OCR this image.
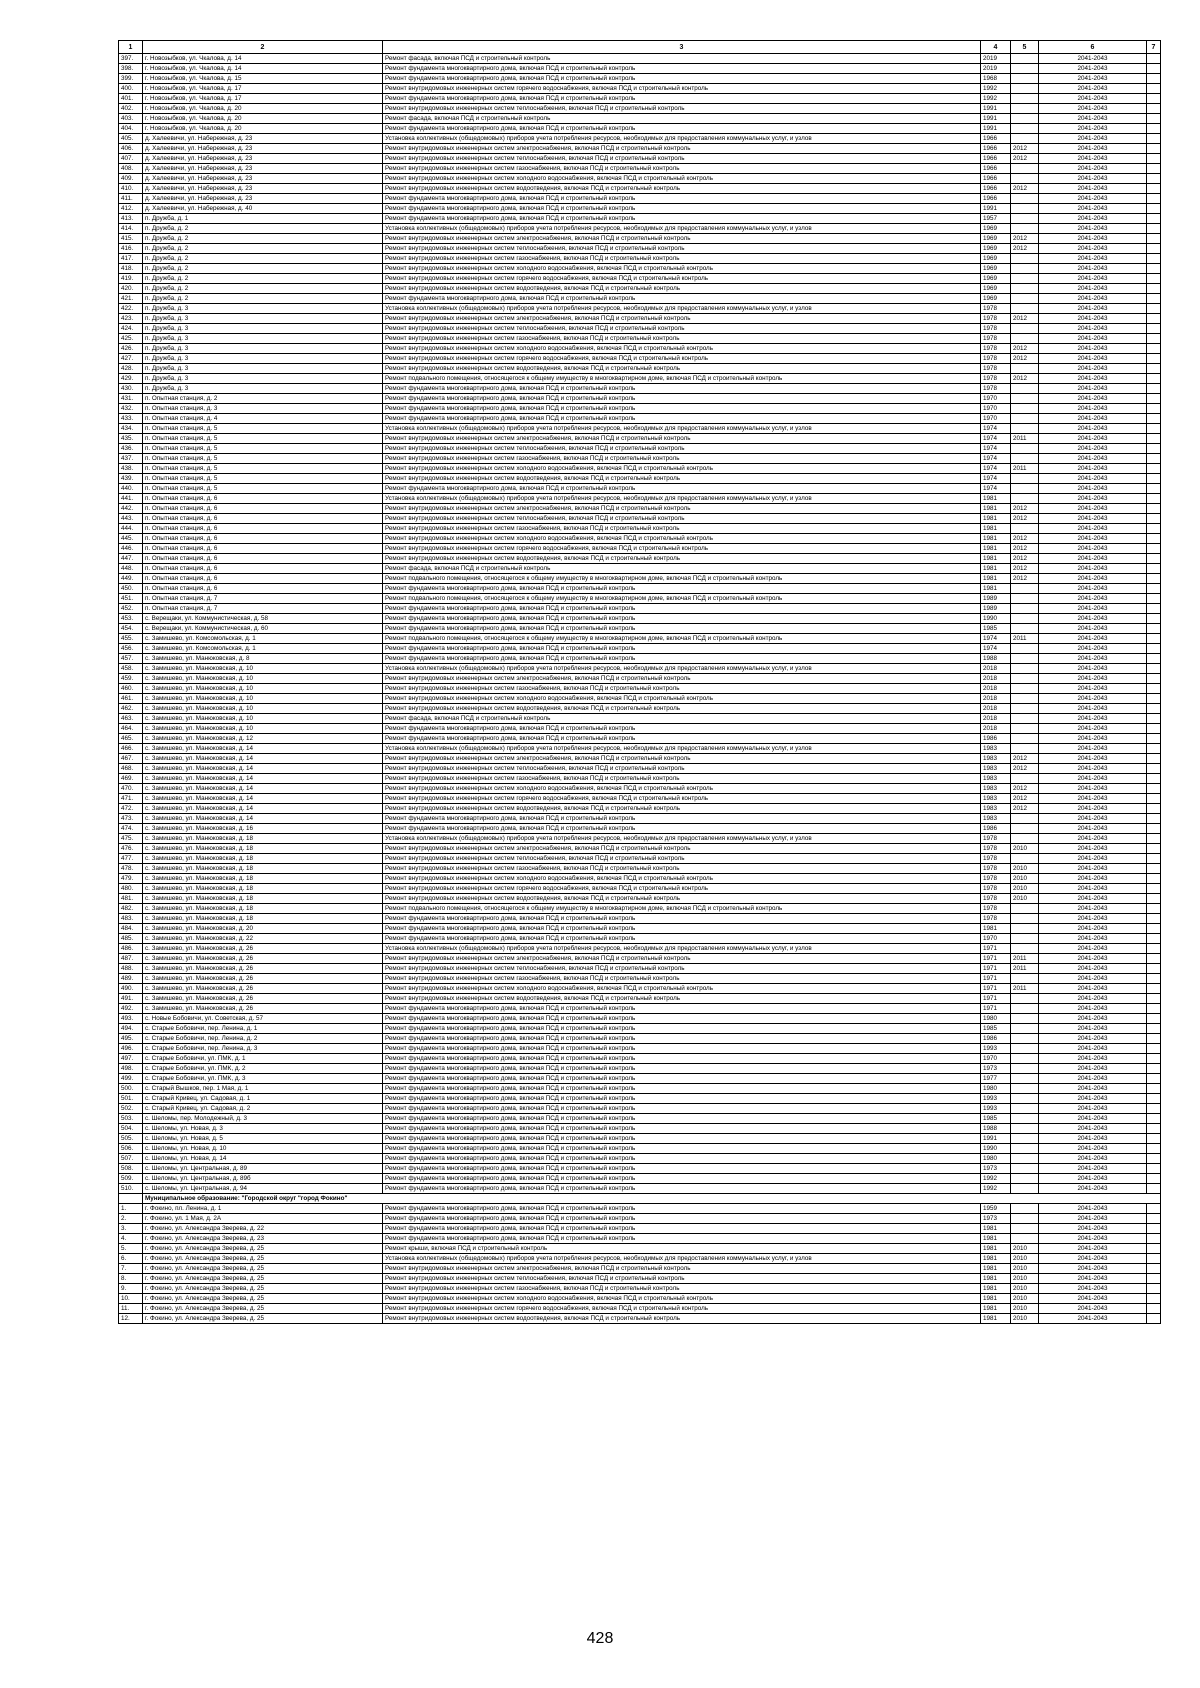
1	2	3	4	5	6	7
397.	г. Новозыбков, ул. Чкалова, д. 14	Ремонт фасада, включая ПСД и строительный контроль	2019		2041-2043	
398.	г. Новозыбков, ул. Чкалова, д. 14	Ремонт фундамента многоквартирного дома, включая ПСД и строительный контроль	2019		2041-2043	
399.	г. Новозыбков, ул. Чкалова, д. 15	Ремонт фундамента многоквартирного дома, включая ПСД и строительный контроль	1968		2041-2043	
400.	г. Новозыбков, ул. Чкалова, д. 17	Ремонт внутридомовых инженерных систем горячего водоснабжения, включая ПСД и строительный контроль	1992		2041-2043	
401.	г. Новозыбков, ул. Чкалова, д. 17	Ремонт фундамента многоквартирного дома, включая ПСД и строительный контроль	1992		2041-2043	
402.	г. Новозыбков, ул. Чкалова, д. 20	Ремонт внутридомовых инженерных систем теплоснабжения, включая ПСД и строительный контроль	1991		2041-2043	
403.	г. Новозыбков, ул. Чкалова, д. 20	Ремонт фасада, включая ПСД и строительный контроль	1991		2041-2043	
404.	г. Новозыбков, ул. Чкалова, д. 20	Ремонт фундамента многоквартирного дома, включая ПСД и строительный контроль	1991		2041-2043	
405.	д. Халеевичи, ул. Набережная, д. 23	Установка коллективных (общедомовых) приборов учета потребления ресурсов, необходимых для предоставления коммунальных услуг, и узлов	1966		2041-2043	
406.	д. Халеевичи, ул. Набережная, д. 23	Ремонт внутридомовых инженерных систем электроснабжения, включая ПСД и строительный контроль	1966	2012	2041-2043	
407.	д. Халеевичи, ул. Набережная, д. 23	Ремонт внутридомовых инженерных систем теплоснабжения, включая ПСД и строительный контроль	1966	2012	2041-2043	
408.	д. Халеевичи, ул. Набережная, д. 23	Ремонт внутридомовых инженерных систем газоснабжения, включая ПСД и строительный контроль	1966		2041-2043	
409.	д. Халеевичи, ул. Набережная, д. 23	Ремонт внутридомовых инженерных систем холодного водоснабжения, включая ПСД и строительный контроль	1966		2041-2043	
410.	д. Халеевичи, ул. Набережная, д. 23	Ремонт внутридомовых инженерных систем водоотведения, включая ПСД и строительный контроль	1966	2012	2041-2043	
411.	д. Халеевичи, ул. Набережная, д. 23	Ремонт фундамента многоквартирного дома, включая ПСД и строительный контроль	1966		2041-2043	
412.	д. Халеевичи, ул. Набережная, д. 40	Ремонт фундамента многоквартирного дома, включая ПСД и строительный контроль	1991		2041-2043	
413.	п. Дружба, д. 1	Ремонт фундамента многоквартирного дома, включая ПСД и строительный контроль	1957		2041-2043	
414.	п. Дружба, д. 2	Установка коллективных (общедомовых) приборов учета потребления ресурсов, необходимых для предоставления коммунальных услуг, и узлов	1969		2041-2043	
415.	п. Дружба, д. 2	Ремонт внутридомовых инженерных систем электроснабжения, включая ПСД и строительный контроль	1969	2012	2041-2043	
416.	п. Дружба, д. 2	Ремонт внутридомовых инженерных систем теплоснабжения, включая ПСД и строительный контроль	1969	2012	2041-2043	
417.	п. Дружба, д. 2	Ремонт внутридомовых инженерных систем газоснабжения, включая ПСД и строительный контроль	1969		2041-2043	
418.	п. Дружба, д. 2	Ремонт внутридомовых инженерных систем холодного водоснабжения, включая ПСД и строительный контроль	1969		2041-2043	
419.	п. Дружба, д. 2	Ремонт внутридомовых инженерных систем горячего водоснабжения, включая ПСД и строительный контроль	1969		2041-2043	
420.	п. Дружба, д. 2	Ремонт внутридомовых инженерных систем водоотведения, включая ПСД и строительный контроль	1969		2041-2043	
421.	п. Дружба, д. 2	Ремонт фундамента многоквартирного дома, включая ПСД и строительный контроль	1969		2041-2043	
422.	п. Дружба, д. 3	Установка коллективных (общедомовых) приборов учета потребления ресурсов, необходимых для предоставления коммунальных услуг, и узлов	1978		2041-2043	
423.	п. Дружба, д. 3	Ремонт внутридомовых инженерных систем электроснабжения, включая ПСД и строительный контроль	1978	2012	2041-2043	
424.	п. Дружба, д. 3	Ремонт внутридомовых инженерных систем теплоснабжения, включая ПСД и строительный контроль	1978		2041-2043	
425.	п. Дружба, д. 3	Ремонт внутридомовых инженерных систем газоснабжения, включая ПСД и строительный контроль	1978		2041-2043	
426.	п. Дружба, д. 3	Ремонт внутридомовых инженерных систем холодного водоснабжения, включая ПСД и строительный контроль	1978	2012	2041-2043	
427.	п. Дружба, д. 3	Ремонт внутридомовых инженерных систем горячего водоснабжения, включая ПСД и строительный контроль	1978	2012	2041-2043	
428.	п. Дружба, д. 3	Ремонт внутридомовых инженерных систем водоотведения, включая ПСД и строительный контроль	1978		2041-2043	
429.	п. Дружба, д. 3	Ремонт подвального помещения, относящегося к общему имуществу в многоквартирном доме, включая ПСД и строительный контроль	1978	2012	2041-2043	
430.	п. Дружба, д. 3	Ремонт фундамента многоквартирного дома, включая ПСД и строительный контроль	1978		2041-2043	
431.	п. Опытная станция, д. 2	Ремонт фундамента многоквартирного дома, включая ПСД и строительный контроль	1970		2041-2043	
432.	п. Опытная станция, д. 3	Ремонт фундамента многоквартирного дома, включая ПСД и строительный контроль	1970		2041-2043	
433.	п. Опытная станция, д. 4	Ремонт фундамента многоквартирного дома, включая ПСД и строительный контроль	1970		2041-2043	
434.	п. Опытная станция, д. 5	Установка коллективных (общедомовых) приборов учета потребления ресурсов, необходимых для предоставления коммунальных услуг, и узлов	1974		2041-2043	
435.	п. Опытная станция, д. 5	Ремонт внутридомовых инженерных систем электроснабжения, включая ПСД и строительный контроль	1974	2011	2041-2043	
436.	п. Опытная станция, д. 5	Ремонт внутридомовых инженерных систем теплоснабжения, включая ПСД и строительный контроль	1974		2041-2043	
437.	п. Опытная станция, д. 5	Ремонт внутридомовых инженерных систем газоснабжения, включая ПСД и строительный контроль	1974		2041-2043	
438.	п. Опытная станция, д. 5	Ремонт внутридомовых инженерных систем холодного водоснабжения, включая ПСД и строительный контроль	1974	2011	2041-2043	
439.	п. Опытная станция, д. 5	Ремонт внутридомовых инженерных систем водоотведения, включая ПСД и строительный контроль	1974		2041-2043	
440.	п. Опытная станция, д. 5	Ремонт фундамента многоквартирного дома, включая ПСД и строительный контроль	1974		2041-2043	
441.	п. Опытная станция, д. 6	Установка коллективных (общедомовых) приборов учета потребления ресурсов, необходимых для предоставления коммунальных услуг, и узлов	1981		2041-2043	
442.	п. Опытная станция, д. 6	Ремонт внутридомовых инженерных систем электроснабжения, включая ПСД и строительный контроль	1981	2012	2041-2043	
443.	п. Опытная станция, д. 6	Ремонт внутридомовых инженерных систем теплоснабжения, включая ПСД и строительный контроль	1981	2012	2041-2043	
444.	п. Опытная станция, д. 6	Ремонт внутридомовых инженерных систем газоснабжения, включая ПСД и строительный контроль	1981		2041-2043	
445.	п. Опытная станция, д. 6	Ремонт внутридомовых инженерных систем холодного водоснабжения, включая ПСД и строительный контроль	1981	2012	2041-2043	
446.	п. Опытная станция, д. 6	Ремонт внутридомовых инженерных систем горячего водоснабжения, включая ПСД и строительный контроль	1981	2012	2041-2043	
447.	п. Опытная станция, д. 6	Ремонт внутридомовых инженерных систем водоотведения, включая ПСД и строительный контроль	1981	2012	2041-2043	
448.	п. Опытная станция, д. 6	Ремонт фасада, включая ПСД и строительный контроль	1981	2012	2041-2043	
449.	п. Опытная станция, д. 6	Ремонт подвального помещения, относящегося к общему имуществу в многоквартирном доме, включая ПСД и строительный контроль	1981	2012	2041-2043	
450.	п. Опытная станция, д. 6	Ремонт фундамента многоквартирного дома, включая ПСД и строительный контроль	1981		2041-2043	
451.	п. Опытная станция, д. 7	Ремонт подвального помещения, относящегося к общему имуществу в многоквартирном доме, включая ПСД и строительный контроль	1989		2041-2043	
452.	п. Опытная станция, д. 7	Ремонт фундамента многоквартирного дома, включая ПСД и строительный контроль	1989		2041-2043	
453.	с. Верещаки, ул. Коммунистическая, д. 58	Ремонт фундамента многоквартирного дома, включая ПСД и строительный контроль	1990		2041-2043	
454.	с. Верещаки, ул. Коммунистическая, д. 60	Ремонт фундамента многоквартирного дома, включая ПСД и строительный контроль	1985		2041-2043	
455.	с. Замишево, ул. Комсомольская, д. 1	Ремонт подвального помещения, относящегося к общему имуществу в многоквартирном доме, включая ПСД и строительный контроль	1974	2011	2041-2043	
456.	с. Замишево, ул. Комсомольская, д. 1	Ремонт фундамента многоквартирного дома, включая ПСД и строительный контроль	1974		2041-2043	
457.	с. Замишево, ул. Манюковская, д. 8	Ремонт фундамента многоквартирного дома, включая ПСД и строительный контроль	1988		2041-2043	
458.	с. Замишево, ул. Манюковская, д. 10	Установка коллективных (общедомовых) приборов учета потребления ресурсов, необходимых для предоставления коммунальных услуг, и узлов	2018		2041-2043	
459.	с. Замишево, ул. Манюковская, д. 10	Ремонт внутридомовых инженерных систем электроснабжения, включая ПСД и строительный контроль	2018		2041-2043	
460.	с. Замишево, ул. Манюковская, д. 10	Ремонт внутридомовых инженерных систем газоснабжения, включая ПСД и строительный контроль	2018		2041-2043	
461.	с. Замишево, ул. Манюковская, д. 10	Ремонт внутридомовых инженерных систем холодного водоснабжения, включая ПСД и строительный контроль	2018		2041-2043	
462.	с. Замишево, ул. Манюковская, д. 10	Ремонт внутридомовых инженерных систем водоотведения, включая ПСД и строительный контроль	2018		2041-2043	
463.	с. Замишево, ул. Манюковская, д. 10	Ремонт фасада, включая ПСД и строительный контроль	2018		2041-2043	
464.	с. Замишево, ул. Манюковская, д. 10	Ремонт фундамента многоквартирного дома, включая ПСД и строительный контроль	2018		2041-2043	
465.	с. Замишево, ул. Манюковская, д. 12	Ремонт фундамента многоквартирного дома, включая ПСД и строительный контроль	1986		2041-2043	
466.	с. Замишево, ул. Манюковская, д. 14	Установка коллективных (общедомовых) приборов учета потребления ресурсов, необходимых для предоставления коммунальных услуг, и узлов	1983		2041-2043	
467.	с. Замишево, ул. Манюковская, д. 14	Ремонт внутридомовых инженерных систем электроснабжения, включая ПСД и строительный контроль	1983	2012	2041-2043	
468.	с. Замишево, ул. Манюковская, д. 14	Ремонт внутридомовых инженерных систем теплоснабжения, включая ПСД и строительный контроль	1983	2012	2041-2043	
469.	с. Замишево, ул. Манюковская, д. 14	Ремонт внутридомовых инженерных систем газоснабжения, включая ПСД и строительный контроль	1983		2041-2043	
470.	с. Замишево, ул. Манюковская, д. 14	Ремонт внутридомовых инженерных систем холодного водоснабжения, включая ПСД и строительный контроль	1983	2012	2041-2043	
471.	с. Замишево, ул. Манюковская, д. 14	Ремонт внутридомовых инженерных систем горячего водоснабжения, включая ПСД и строительный контроль	1983	2012	2041-2043	
472.	с. Замишево, ул. Манюковская, д. 14	Ремонт внутридомовых инженерных систем водоотведения, включая ПСД и строительный контроль	1983	2012	2041-2043	
473.	с. Замишево, ул. Манюковская, д. 14	Ремонт фундамента многоквартирного дома, включая ПСД и строительный контроль	1983		2041-2043	
474.	с. Замишево, ул. Манюковская, д. 16	Ремонт фундамента многоквартирного дома, включая ПСД и строительный контроль	1986		2041-2043	
475.	с. Замишево, ул. Манюковская, д. 18	Установка коллективных (общедомовых) приборов учета потребления ресурсов, необходимых для предоставления коммунальных услуг, и узлов	1978		2041-2043	
476.	с. Замишево, ул. Манюковская, д. 18	Ремонт внутридомовых инженерных систем электроснабжения, включая ПСД и строительный контроль	1978	2010	2041-2043	
477.	с. Замишево, ул. Манюковская, д. 18	Ремонт внутридомовых инженерных систем теплоснабжения, включая ПСД и строительный контроль	1978		2041-2043	
478.	с. Замишево, ул. Манюковская, д. 18	Ремонт внутридомовых инженерных систем газоснабжения, включая ПСД и строительный контроль	1978	2010	2041-2043	
479.	с. Замишево, ул. Манюковская, д. 18	Ремонт внутридомовых инженерных систем холодного водоснабжения, включая ПСД и строительный контроль	1978	2010	2041-2043	
480.	с. Замишево, ул. Манюковская, д. 18	Ремонт внутридомовых инженерных систем горячего водоснабжения, включая ПСД и строительный контроль	1978	2010	2041-2043	
481.	с. Замишево, ул. Манюковская, д. 18	Ремонт внутридомовых инженерных систем водоотведения, включая ПСД и строительный контроль	1978	2010	2041-2043	
482.	с. Замишево, ул. Манюковская, д. 18	Ремонт подвального помещения, относящегося к общему имуществу в многоквартирном доме, включая ПСД и строительный контроль	1978		2041-2043	
483.	с. Замишево, ул. Манюковская, д. 18	Ремонт фундамента многоквартирного дома, включая ПСД и строительный контроль	1978		2041-2043	
484.	с. Замишево, ул. Манюковская, д. 20	Ремонт фундамента многоквартирного дома, включая ПСД и строительный контроль	1981		2041-2043	
485.	с. Замишево, ул. Манюковская, д. 22	Ремонт фундамента многоквартирного дома, включая ПСД и строительный контроль	1970		2041-2043	
486.	с. Замишево, ул. Манюковская, д. 26	Установка коллективных (общедомовых) приборов учета потребления ресурсов, необходимых для предоставления коммунальных услуг, и узлов	1971		2041-2043	
487.	с. Замишево, ул. Манюковская, д. 26	Ремонт внутридомовых инженерных систем электроснабжения, включая ПСД и строительный контроль	1971	2011	2041-2043	
488.	с. Замишево, ул. Манюковская, д. 26	Ремонт внутридомовых инженерных систем теплоснабжения, включая ПСД и строительный контроль	1971	2011	2041-2043	
489.	с. Замишево, ул. Манюковская, д. 26	Ремонт внутридомовых инженерных систем газоснабжения, включая ПСД и строительный контроль	1971		2041-2043	
490.	с. Замишево, ул. Манюковская, д. 26	Ремонт внутридомовых инженерных систем холодного водоснабжения, включая ПСД и строительный контроль	1971	2011	2041-2043	
491.	с. Замишево, ул. Манюковская, д. 26	Ремонт внутридомовых инженерных систем водоотведения, включая ПСД и строительный контроль	1971		2041-2043	
492.	с. Замишево, ул. Манюковская, д. 26	Ремонт фундамента многоквартирного дома, включая ПСД и строительный контроль	1971		2041-2043	
493.	с. Новые Бобовичи, ул. Советская, д. 57	Ремонт фундамента многоквартирного дома, включая ПСД и строительный контроль	1980		2041-2043	
494.	с. Старые Бобовичи, пер. Ленина, д. 1	Ремонт фундамента многоквартирного дома, включая ПСД и строительный контроль	1985		2041-2043	
495.	с. Старые Бобовичи, пер. Ленина, д. 2	Ремонт фундамента многоквартирного дома, включая ПСД и строительный контроль	1986		2041-2043	
496.	с. Старые Бобовичи, пер. Ленина, д. 3	Ремонт фундамента многоквартирного дома, включая ПСД и строительный контроль	1993		2041-2043	
497.	с. Старые Бобовичи, ул. ПМК, д. 1	Ремонт фундамента многоквартирного дома, включая ПСД и строительный контроль	1970		2041-2043	
498.	с. Старые Бобовичи, ул. ПМК, д. 2	Ремонт фундамента многоквартирного дома, включая ПСД и строительный контроль	1973		2041-2043	
499.	с. Старые Бобовичи, ул. ПМК, д. 3	Ремонт фундамента многоквартирного дома, включая ПСД и строительный контроль	1977		2041-2043	
500.	с. Старый Вышков, пер. 1 Мая, д. 1	Ремонт фундамента многоквартирного дома, включая ПСД и строительный контроль	1980		2041-2043	
501.	с. Старый Кривец, ул. Садовая, д. 1	Ремонт фундамента многоквартирного дома, включая ПСД и строительный контроль	1993		2041-2043	
502.	с. Старый Кривец, ул. Садовая, д. 2	Ремонт фундамента многоквартирного дома, включая ПСД и строительный контроль	1993		2041-2043	
503.	с. Шеломы, пер. Молодежный, д. 3	Ремонт фундамента многоквартирного дома, включая ПСД и строительный контроль	1985		2041-2043	
504.	с. Шеломы, ул. Новая, д. 3	Ремонт фундамента многоквартирного дома, включая ПСД и строительный контроль	1988		2041-2043	
505.	с. Шеломы, ул. Новая, д. 5	Ремонт фундамента многоквартирного дома, включая ПСД и строительный контроль	1991		2041-2043	
506.	с. Шеломы, ул. Новая, д. 10	Ремонт фундамента многоквартирного дома, включая ПСД и строительный контроль	1990		2041-2043	
507.	с. Шеломы, ул. Новая, д. 14	Ремонт фундамента многоквартирного дома, включая ПСД и строительный контроль	1980		2041-2043	
508.	с. Шеломы, ул. Центральная, д. 89	Ремонт фундамента многоквартирного дома, включая ПСД и строительный контроль	1973		2041-2043	
509.	с. Шеломы, ул. Центральная, д. 89б	Ремонт фундамента многоквартирного дома, включая ПСД и строительный контроль	1992		2041-2043	
510.	с. Шеломы, ул. Центральная, д. 94	Ремонт фундамента многоквартирного дома, включая ПСД и строительный контроль	1992		2041-2043	
	Муниципальное образование: "Городской округ "город Фокино"					
1.	г. Фокино, пл. Ленина, д. 1	Ремонт фундамента многоквартирного дома, включая ПСД и строительный контроль	1959		2041-2043	
2.	г. Фокино, ул. 1 Мая, д. 2А	Ремонт фундамента многоквартирного дома, включая ПСД и строительный контроль	1973		2041-2043	
3.	г. Фокино, ул. Александра Зверева, д. 22	Ремонт фундамента многоквартирного дома, включая ПСД и строительный контроль	1981		2041-2043	
4.	г. Фокино, ул. Александра Зверева, д. 23	Ремонт фундамента многоквартирного дома, включая ПСД и строительный контроль	1981		2041-2043	
5.	г. Фокино, ул. Александра Зверева, д. 25	Ремонт крыши, включая ПСД и строительный контроль	1981	2010	2041-2043	
6.	г. Фокино, ул. Александра Зверева, д. 25	Установка коллективных (общедомовых) приборов учета потребления ресурсов, необходимых для предоставления коммунальных услуг, и узлов	1981	2010	2041-2043	
7.	г. Фокино, ул. Александра Зверева, д. 25	Ремонт внутридомовых инженерных систем электроснабжения, включая ПСД и строительный контроль	1981	2010	2041-2043	
8.	г. Фокино, ул. Александра Зверева, д. 25	Ремонт внутридомовых инженерных систем теплоснабжения, включая ПСД и строительный контроль	1981	2010	2041-2043	
9.	г. Фокино, ул. Александра Зверева, д. 25	Ремонт внутридомовых инженерных систем газоснабжения, включая ПСД и строительный контроль	1981	2010	2041-2043	
10.	г. Фокино, ул. Александра Зверева, д. 25	Ремонт внутридомовых инженерных систем холодного водоснабжения, включая ПСД и строительный контроль	1981	2010	2041-2043	
11.	г. Фокино, ул. Александра Зверева, д. 25	Ремонт внутридомовых инженерных систем горячего водоснабжения, включая ПСД и строительный контроль	1981	2010	2041-2043	
12.	г. Фокино, ул. Александра Зверева, д. 25	Ремонт внутридомовых инженерных систем водоотведения, включая ПСД и строительный контроль	1981	2010	2041-2043	
428
